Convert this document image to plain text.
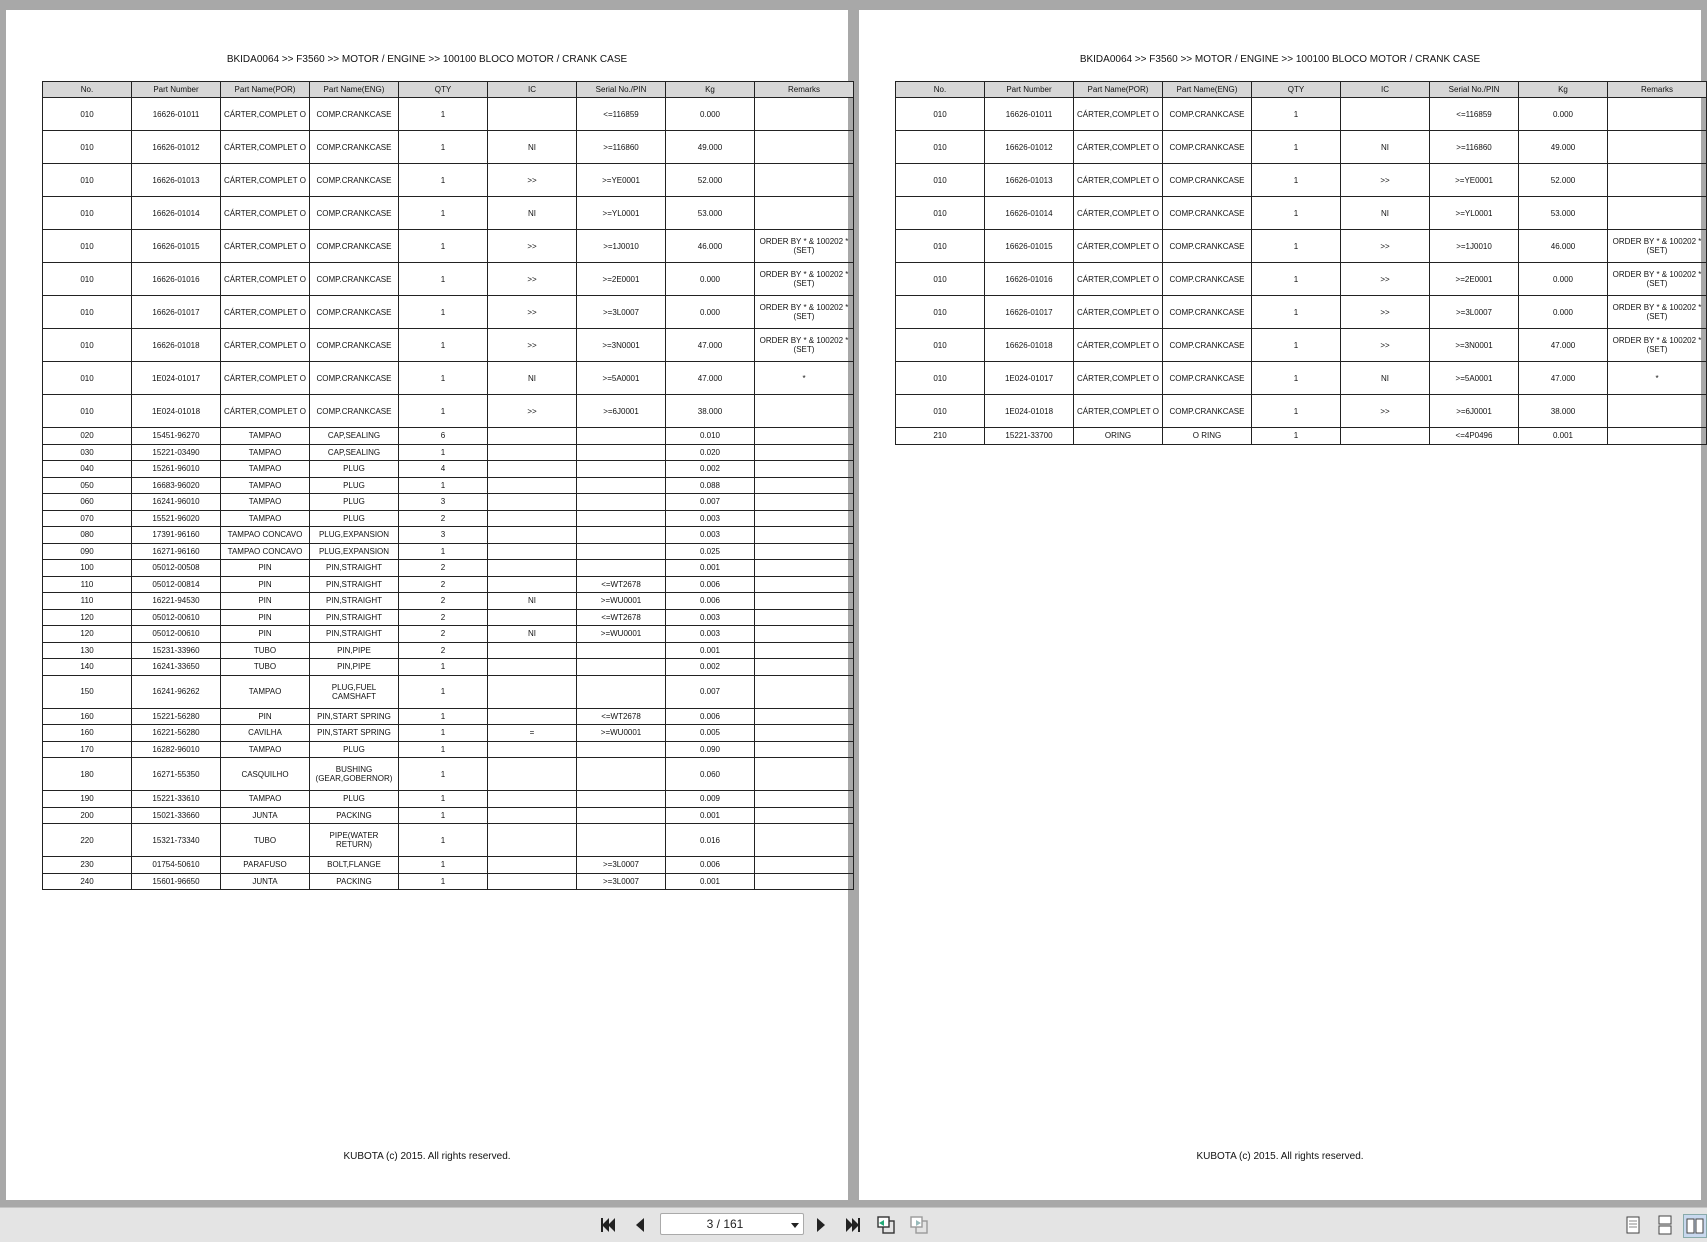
BKIDA0064 >> F3560 >> MOTOR / ENGINE >> 100100 BLOCO MOTOR / CRANK CASE
No.	Part Number	Part Name(POR)	Part Name(ENG)	QTY	IC	Serial No./PIN	Kg	Remarks
010	16626-01011	CÁRTER,COMPLET O	COMP.CRANKCASE	1		<=116859	0.000	
010	16626-01012	CÁRTER,COMPLET O	COMP.CRANKCASE	1	NI	>=116860	49.000	
010	16626-01013	CÁRTER,COMPLET O	COMP.CRANKCASE	1	>>	>=YE0001	52.000	
010	16626-01014	CÁRTER,COMPLET O	COMP.CRANKCASE	1	NI	>=YL0001	53.000	
010	16626-01015	CÁRTER,COMPLET O	COMP.CRANKCASE	1	>>	>=1J0010	46.000	ORDER BY * & 100202 *(SET)
010	16626-01016	CÁRTER,COMPLET O	COMP.CRANKCASE	1	>>	>=2E0001	0.000	ORDER BY * & 100202 *(SET)
010	16626-01017	CÁRTER,COMPLET O	COMP.CRANKCASE	1	>>	>=3L0007	0.000	ORDER BY * & 100202 *(SET)
010	16626-01018	CÁRTER,COMPLET O	COMP.CRANKCASE	1	>>	>=3N0001	47.000	ORDER BY * & 100202 *(SET)
010	1E024-01017	CÁRTER,COMPLET O	COMP.CRANKCASE	1	NI	>=5A0001	47.000	*
010	1E024-01018	CÁRTER,COMPLET O	COMP.CRANKCASE	1	>>	>=6J0001	38.000	
020	15451-96270	TAMPAO	CAP,SEALING	6			0.010	
030	15221-03490	TAMPAO	CAP,SEALING	1			0.020	
040	15261-96010	TAMPAO	PLUG	4			0.002	
050	16683-96020	TAMPAO	PLUG	1			0.088	
060	16241-96010	TAMPAO	PLUG	3			0.007	
070	15521-96020	TAMPAO	PLUG	2			0.003	
080	17391-96160	TAMPAO CONCAVO	PLUG,EXPANSION	3			0.003	
090	16271-96160	TAMPAO CONCAVO	PLUG,EXPANSION	1			0.025	
100	05012-00508	PIN	PIN,STRAIGHT	2			0.001	
110	05012-00814	PIN	PIN,STRAIGHT	2		<=WT2678	0.006	
110	16221-94530	PIN	PIN,STRAIGHT	2	NI	>=WU0001	0.006	
120	05012-00610	PIN	PIN,STRAIGHT	2		<=WT2678	0.003	
120	05012-00610	PIN	PIN,STRAIGHT	2	NI	>=WU0001	0.003	
130	15231-33960	TUBO	PIN,PIPE	2			0.001	
140	16241-33650	TUBO	PIN,PIPE	1			0.002	
150	16241-96262	TAMPAO	PLUG,FUEL CAMSHAFT	1			0.007	
160	15221-56280	PIN	PIN,START SPRING	1		<=WT2678	0.006	
160	16221-56280	CAVILHA	PIN,START SPRING	1	=	>=WU0001	0.005	
170	16282-96010	TAMPAO	PLUG	1			0.090	
180	16271-55350	CASQUILHO	BUSHING (GEAR,GOBERNOR)	1			0.060	
190	15221-33610	TAMPAO	PLUG	1			0.009	
200	15021-33660	JUNTA	PACKING	1			0.001	
220	15321-73340	TUBO	PIPE(WATER RETURN)	1			0.016	
230	01754-50610	PARAFUSO	BOLT,FLANGE	1		>=3L0007	0.006	
240	15601-96650	JUNTA	PACKING	1		>=3L0007	0.001	
KUBOTA (c) 2015. All rights reserved.
BKIDA0064 >> F3560 >> MOTOR / ENGINE >> 100100 BLOCO MOTOR / CRANK CASE
No.	Part Number	Part Name(POR)	Part Name(ENG)	QTY	IC	Serial No./PIN	Kg	Remarks
010	16626-01011	CÁRTER,COMPLET O	COMP.CRANKCASE	1		<=116859	0.000	
010	16626-01012	CÁRTER,COMPLET O	COMP.CRANKCASE	1	NI	>=116860	49.000	
010	16626-01013	CÁRTER,COMPLET O	COMP.CRANKCASE	1	>>	>=YE0001	52.000	
010	16626-01014	CÁRTER,COMPLET O	COMP.CRANKCASE	1	NI	>=YL0001	53.000	
010	16626-01015	CÁRTER,COMPLET O	COMP.CRANKCASE	1	>>	>=1J0010	46.000	ORDER BY * & 100202 *(SET)
010	16626-01016	CÁRTER,COMPLET O	COMP.CRANKCASE	1	>>	>=2E0001	0.000	ORDER BY * & 100202 *(SET)
010	16626-01017	CÁRTER,COMPLET O	COMP.CRANKCASE	1	>>	>=3L0007	0.000	ORDER BY * & 100202 *(SET)
010	16626-01018	CÁRTER,COMPLET O	COMP.CRANKCASE	1	>>	>=3N0001	47.000	ORDER BY * & 100202 *(SET)
010	1E024-01017	CÁRTER,COMPLET O	COMP.CRANKCASE	1	NI	>=5A0001	47.000	*
010	1E024-01018	CÁRTER,COMPLET O	COMP.CRANKCASE	1	>>	>=6J0001	38.000	
210	15221-33700	ORING	O RING	1		<=4P0496	0.001	
KUBOTA (c) 2015. All rights reserved.
3 / 161
